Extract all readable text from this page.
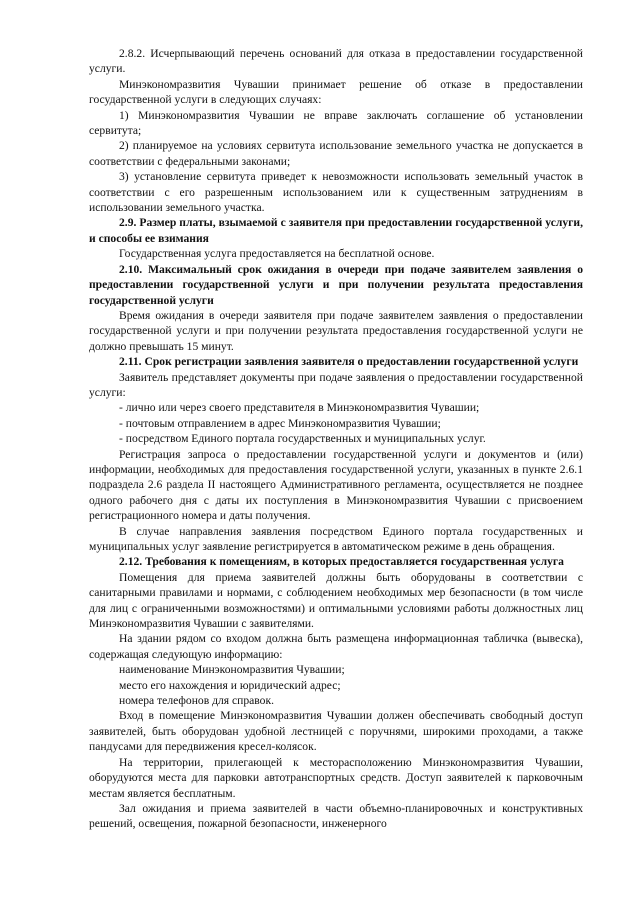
2.8.2. Исчерпывающий перечень оснований для отказа в предоставлении государственной услуги.

Минэкономразвития Чувашии принимает решение об отказе в предоставлении государственной услуги в следующих случаях:

1) Минэкономразвития Чувашии не вправе заключать соглашение об установлении сервитута;

2) планируемое на условиях сервитута использование земельного участка не допускается в соответствии с федеральными законами;

3) установление сервитута приведет к невозможности использовать земельный участок в соответствии с его разрешенным использованием или к существенным затруднениям в использовании земельного участка.

2.9. Размер платы, взымаемой с заявителя при предоставлении государственной услуги, и способы ее взимания

Государственная услуга предоставляется на бесплатной основе.

2.10. Максимальный срок ожидания в очереди при подаче заявителем заявления о предоставлении государственной услуги и при получении результата предоставления государственной услуги

Время ожидания в очереди заявителя при подаче заявителем заявления о предоставлении государственной услуги и при получении результата предоставления государственной услуги не должно превышать 15 минут.

2.11. Срок регистрации заявления заявителя о предоставлении государственной услуги

Заявитель представляет документы при подаче заявления о предоставлении государственной услуги:

- лично или через своего представителя в Минэкономразвития Чувашии;

- почтовым отправлением в адрес Минэкономразвития Чувашии;

- посредством Единого портала государственных и муниципальных услуг.

Регистрация запроса о предоставлении государственной услуги и документов и (или) информации, необходимых для предоставления государственной услуги, указанных в пункте 2.6.1 подраздела 2.6 раздела II настоящего Административного регламента, осуществляется не позднее одного рабочего дня с даты их поступления в Минэкономразвития Чувашии с присвоением регистрационного номера и даты получения.

В случае направления заявления посредством Единого портала государственных и муниципальных услуг заявление регистрируется в автоматическом режиме в день обращения.

2.12. Требования к помещениям, в которых предоставляется государственная услуга

Помещения для приема заявителей должны быть оборудованы в соответствии с санитарными правилами и нормами, с соблюдением необходимых мер безопасности (в том числе для лиц с ограниченными возможностями) и оптимальными условиями работы должностных лиц Минэкономразвития Чувашии с заявителями.

На здании рядом со входом должна быть размещена информационная табличка (вывеска), содержащая следующую информацию:

наименование Минэкономразвития Чувашии;

место его нахождения и юридический адрес;

номера телефонов для справок.

Вход в помещение Минэкономразвития Чувашии должен обеспечивать свободный доступ заявителей, быть оборудован удобной лестницей с поручнями, широкими проходами, а также пандусами для передвижения кресел-колясок.

На территории, прилегающей к месторасположению Минэкономразвития Чувашии, оборудуются места для парковки автотранспортных средств. Доступ заявителей к парковочным местам является бесплатным.

Зал ожидания и приема заявителей в части объемно-планировочных и конструктивных решений, освещения, пожарной безопасности, инженерного
